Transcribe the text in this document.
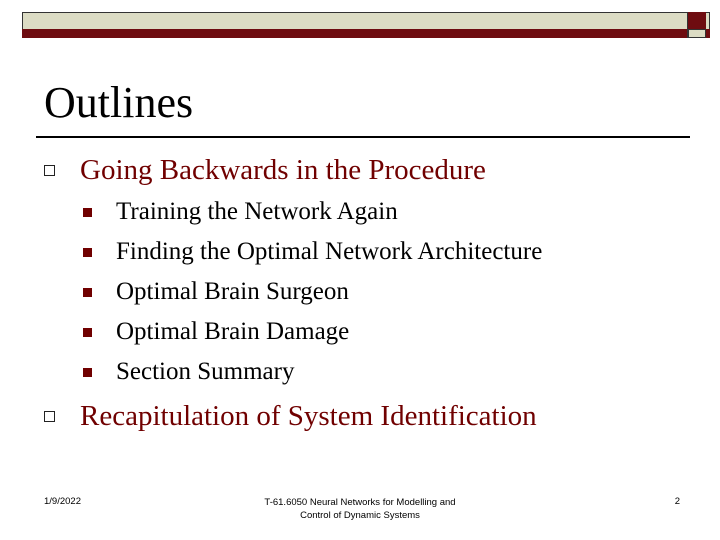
Outlines
Going Backwards in the Procedure
Training the Network Again
Finding the Optimal Network Architecture
Optimal Brain Surgeon
Optimal Brain Damage
Section Summary
Recapitulation of System Identification
1/9/2022	T-61.6050 Neural Networks for Modelling and
Control of Dynamic Systems
2
